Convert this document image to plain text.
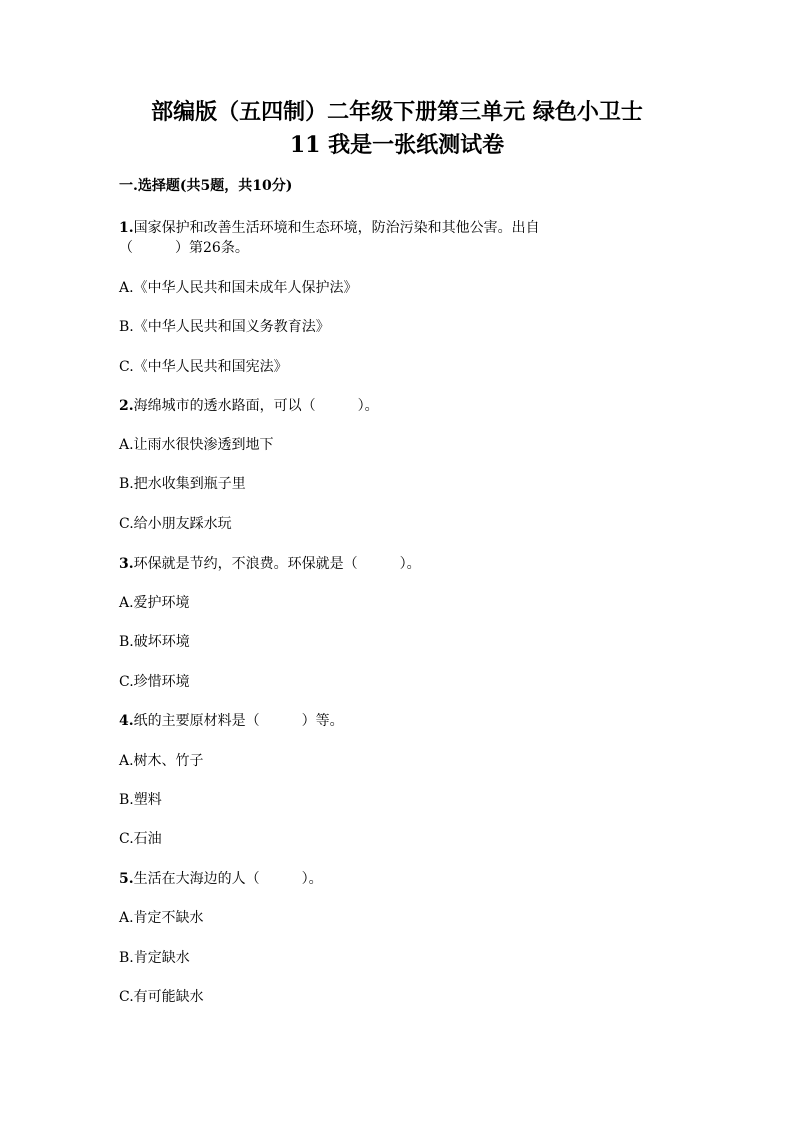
部编版（五四制）二年级下册第三单元 绿色小卫士
11 我是一张纸测试卷
一.选择题(共5题，共10分)
1.国家保护和改善生活环境和生态环境，防治污染和其他公害。出自
（　　　）第26条。
A.《中华人民共和国未成年人保护法》
B.《中华人民共和国义务教育法》
C.《中华人民共和国宪法》
2.海绵城市的透水路面，可以（　　　）。
A.让雨水很快渗透到地下
B.把水收集到瓶子里
C.给小朋友踩水玩
3.环保就是节约，不浪费。环保就是（　　　）。
A.爱护环境
B.破坏环境
C.珍惜环境
4.纸的主要原材料是（　　　）等。
A.树木、竹子
B.塑料
C.石油
5.生活在大海边的人（　　　）。
A.肯定不缺水
B.肯定缺水
C.有可能缺水
